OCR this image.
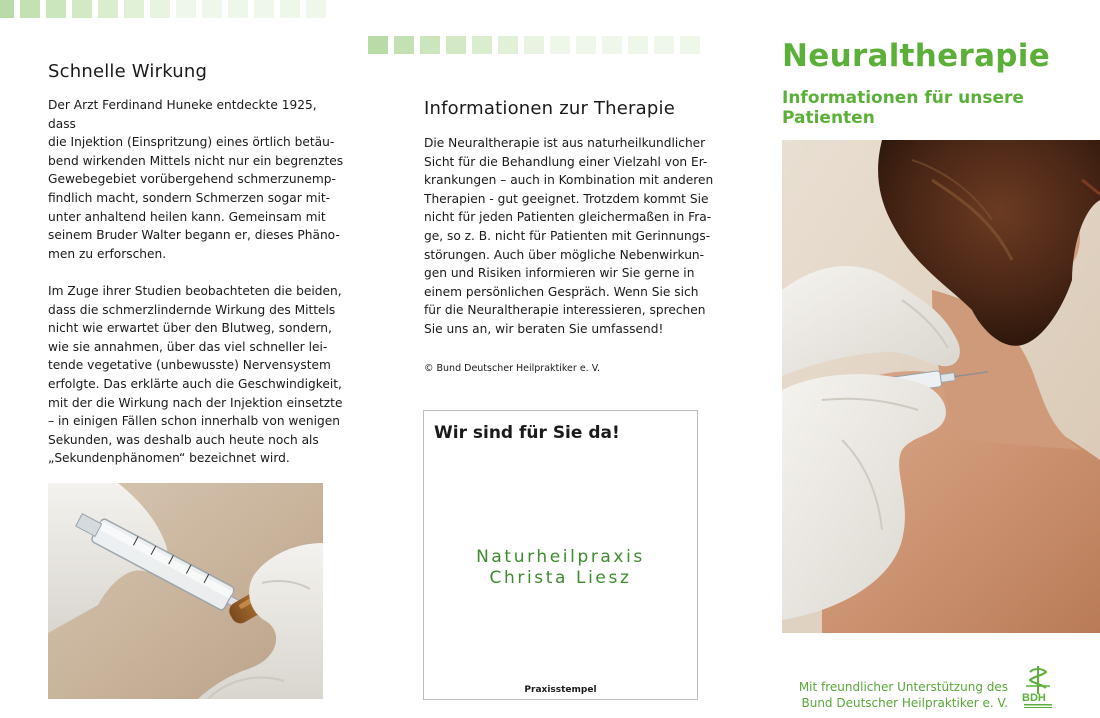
Schnelle Wirkung

Der Arzt Ferdinand Huneke entdeckte 1925, dass
die Injektion (Einspritzung) eines örtlich betäu-
bend wirkenden Mittels nicht nur ein begrenztes
Gewebegebiet vorübergehend schmerzunemp-
findlich macht, sondern Schmerzen sogar mit-
unter anhaltend heilen kann. Gemeinsam mit
seinem Bruder Walter begann er, dieses Phäno-
men zu erforschen.

Im Zuge ihrer Studien beobachteten die beiden,
dass die schmerzlindernde Wirkung des Mittels
nicht wie erwartet über den Blutweg, sondern,
wie sie annahmen, über das viel schneller lei-
tende vegetative (unbewusste) Nervensystem
erfolgte. Das erklärte auch die Geschwindigkeit,
mit der die Wirkung nach der Injektion einsetzte
– in einigen Fällen schon innerhalb von wenigen
Sekunden, was deshalb auch heute noch als
„Sekundenphänomen“ bezeichnet wird.

Informationen zur Therapie

Die Neuraltherapie ist aus naturheilkundlicher
Sicht für die Behandlung einer Vielzahl von Er-
krankungen – auch in Kombination mit anderen
Therapien - gut geeignet. Trotzdem kommt Sie
nicht für jeden Patienten gleichermaßen in Fra-
ge, so z. B. nicht für Patienten mit Gerinnungs-
störungen. Auch über mögliche Nebenwirkun-
gen und Risiken informieren wir Sie gerne in
einem persönlichen Gespräch. Wenn Sie sich
für die Neuraltherapie interessieren, sprechen
Sie uns an, wir beraten Sie umfassend!

© Bund Deutscher Heilpraktiker e. V.
Wir sind für Sie da!
Naturheilpraxis
Christa Liesz
Praxisstempel
Neuraltherapie
Informationen für unsere Patienten
Mit freundlicher Unterstützung des
Bund Deutscher Heilpraktiker e. V. BDH
